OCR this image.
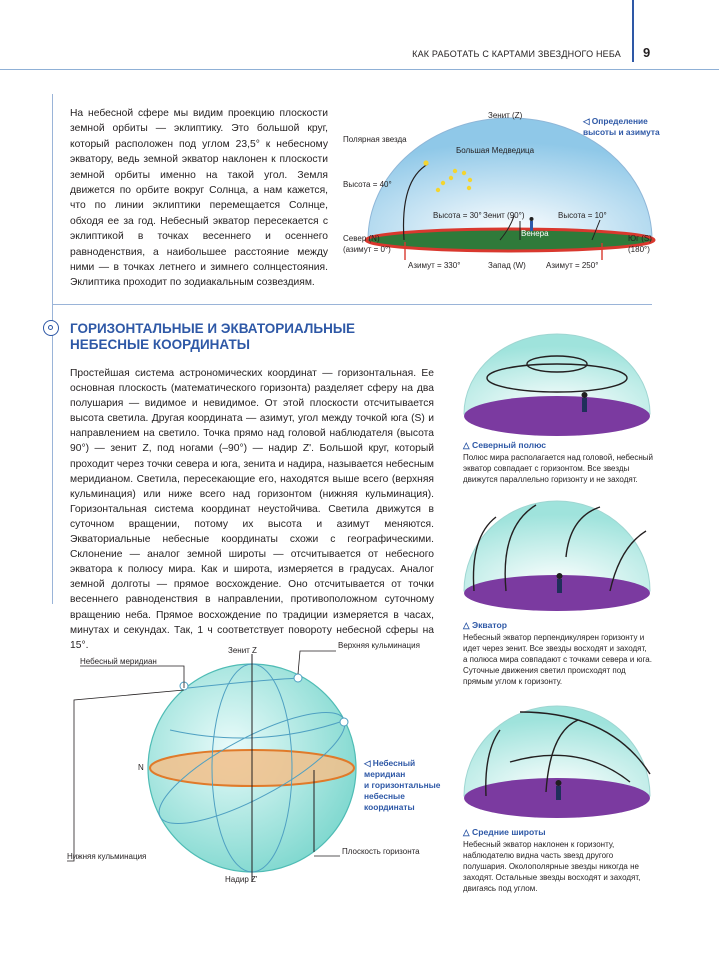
КАК РАБОТАТЬ С КАРТАМИ ЗВЕЗДНОГО НЕБА 9
На небесной сфере мы видим проекцию плоскости земной орбиты — эклиптику. Это большой круг, который расположен под углом 23,5° к небесному экватору, ведь земной экватор наклонен к плоскости земной орбиты именно на такой угол. Земля движется по орбите вокруг Солнца, а нам кажется, что по линии эклиптики перемещается Солнце, обходя ее за год. Небесный экватор пересекается с эклиптикой в точках весеннего и осеннего равноденствия, а наибольшее расстояние между ними — в точках летнего и зимнего солнцестояния. Эклиптика проходит по зодиакальным созвездиям.
Зенит (Z)
Полярная звезда
Большая Медведица
Высота = 40°
Высота = 30° Зенит (90°)	Высота = 10°
Венера
Север (N)
(азимут = 0°)
Юг (S)
(180°)
Азимут = 330°	Запад (W)	Азимут = 250°
◁ Определение
высоты и азимута
ГОРИЗОНТАЛЬНЫЕ И ЭКВАТОРИАЛЬНЫЕ НЕБЕСНЫЕ КООРДИНАТЫ
Простейшая система астрономических координат — горизонтальная. Ее основная плоскость (математического горизонта) разделяет сферу на два полушария — видимое и невидимое. От этой плоскости отсчитывается высота светила. Другая координата — азимут, угол между точкой юга (S) и направлением на светило. Точка прямо над головой наблюдателя (высота 90°) — зенит Z, под ногами (–90°) — надир Z'. Большой круг, который проходит через точки севера и юга, зенита и надира, называется небесным меридианом. Светила, пересекающие его, находятся выше всего (верхняя кульминация) или ниже всего над горизонтом (нижняя кульминация). Горизонтальная система координат неустойчива. Светила движутся в суточном вращении, потому их высота и азимут меняются. Экваториальные небесные координаты схожи с географическими. Склонение — аналог земной широты — отсчитывается от небесного экватора к полюсу мира. Как и широта, измеряется в градусах. Аналог земной долготы — прямое восхождение. Оно отсчитывается от точки весеннего равноденствия в направлении, противоположном суточному вращению неба. Прямое восхождение по традиции измеряется в часах, минутах и секундах. Так, 1 ч соответствует повороту небесной сферы на 15°.	Зенит Z
Небесный меридиан
Верхняя кульминация
N
Нижняя кульминация
Плоскость горизонта
Надир Z'
◁ Небесный
меридиан
и горизонтальные
небесные
координаты
△ Северный полюс
Полюс мира располагается над головой, небесный экватор совпадает с горизонтом. Все звезды движутся параллельно горизонту и не заходят.
△ Экватор
Небесный экватор перпендикулярен горизонту и идет через зенит. Все звезды восходят и заходят, а полюса мира совпадают с точками севера и юга. Суточные движения светил происходят под прямым углом к горизонту.
△ Средние широты
Небесный экватор наклонен к горизонту, наблюдателю видна часть звезд другого полушария. Околополярные звезды никогда не заходят. Остальные звезды восходят и заходят, двигаясь под углом.
